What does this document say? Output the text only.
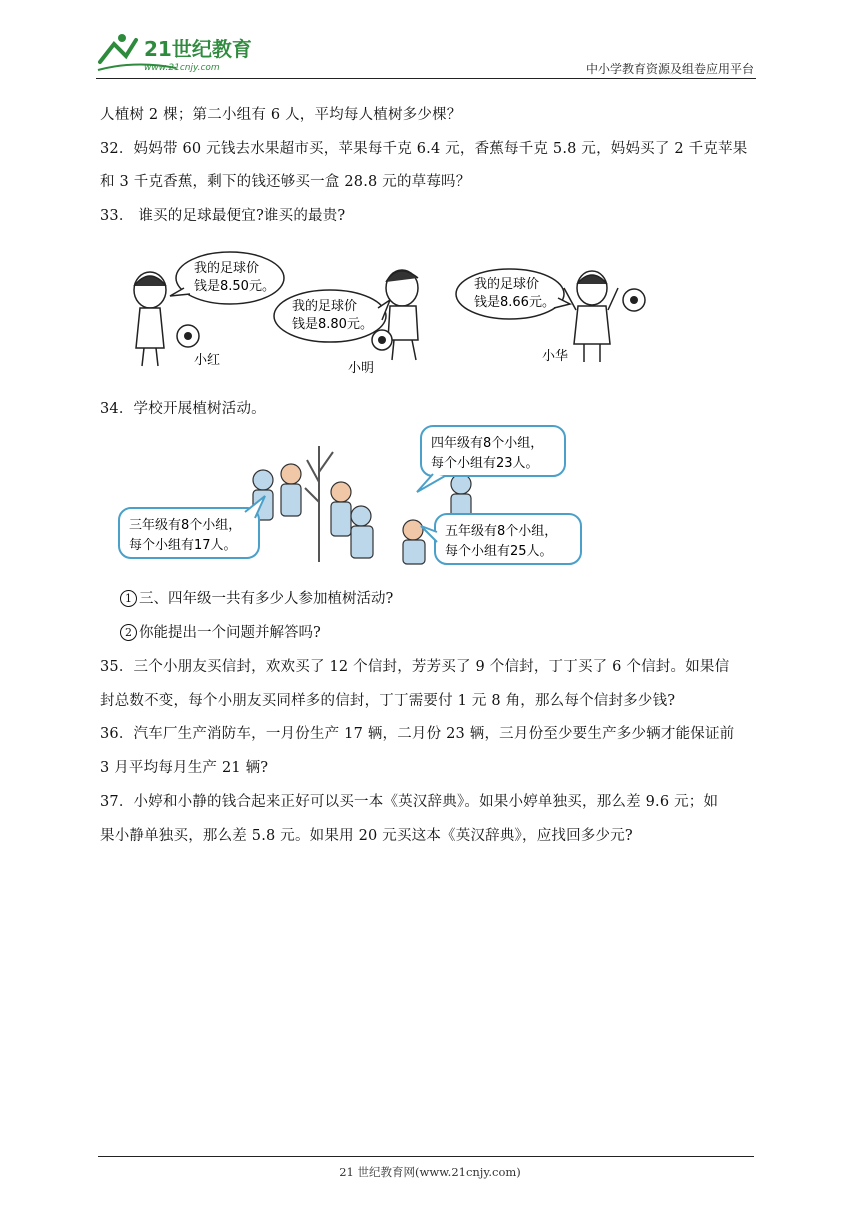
21世纪教育
www.21cnjy.com	中小学教育资源及组卷应用平台
人植树 2 棵；第二小组有 6 人，平均每人植树多少棵？
32．妈妈带 60 元钱去水果超市买，苹果每千克 6.4 元，香蕉每千克 5.8 元，妈妈买了 2 千克苹果
和 3 千克香蕉，剩下的钱还够买一盒 28.8 元的草莓吗？
33． 谁买的足球最便宜?谁买的最贵?
我的足球价
钱是8.50元。
小红
我的足球价
钱是8.80元。
小明
我的足球价
钱是8.66元。
小华
34．学校开展植树活动。
三年级有8个小组，
每个小组有17人。
四年级有8个小组，
每个小组有23人。
五年级有8个小组，
每个小组有25人。
1 三、四年级一共有多少人参加植树活动?
2 你能提出一个问题并解答吗?
35．三个小朋友买信封，欢欢买了 12 个信封，芳芳买了 9 个信封，丁丁买了 6 个信封。如果信
封总数不变，每个小朋友买同样多的信封，丁丁需要付 1 元 8 角，那么每个信封多少钱?
36．汽车厂生产消防车，一月份生产 17 辆，二月份 23 辆，三月份至少要生产多少辆才能保证前
3 月平均每月生产 21 辆?
37．小婷和小静的钱合起来正好可以买一本《英汉辞典》。如果小婷单独买，那么差 9.6 元；如
果小静单独买，那么差 5.8 元。如果用 20 元买这本《英汉辞典》，应找回多少元?
21 世纪教育网(www.21cnjy.com)
